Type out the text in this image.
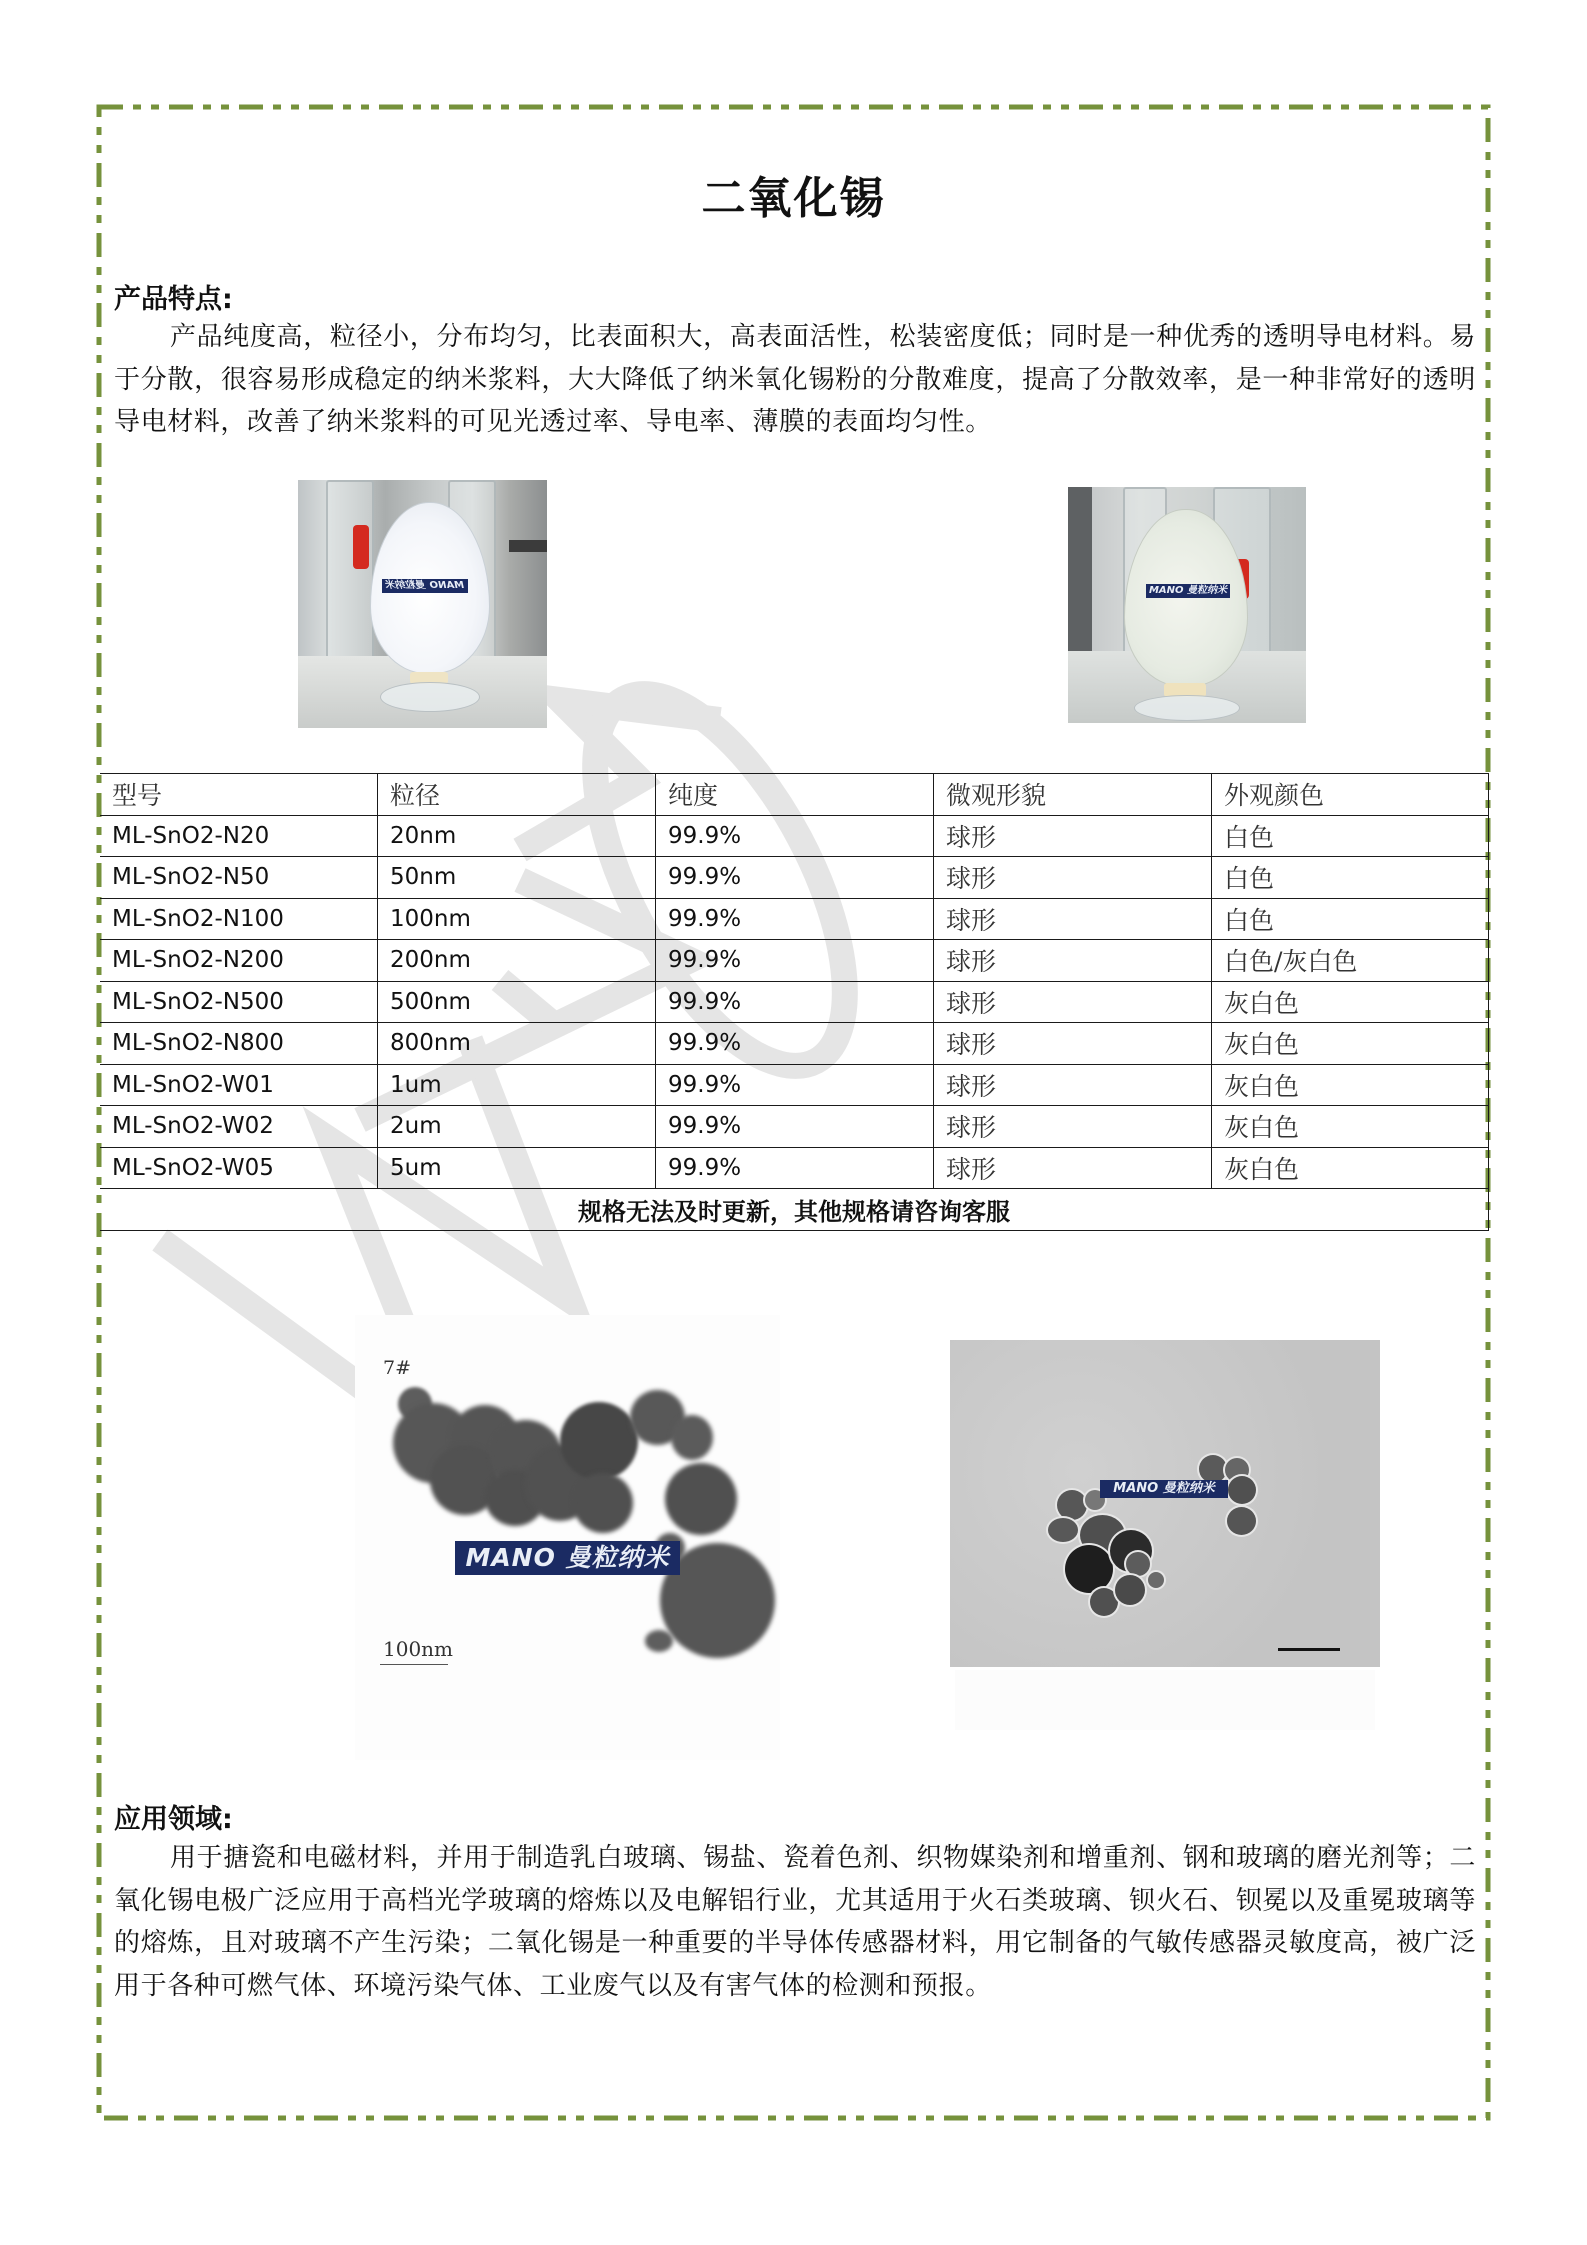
二氧化锡
产品特点:
产品纯度高，粒径小，分布均匀，比表面积大，高表面活性，松装密度低；同时是一种优秀的透明导电材料。易于分散，很容易形成稳定的纳米浆料，大大降低了纳米氧化锡粉的分散难度，提高了分散效率，是一种非常好的透明导电材料，改善了纳米浆料的可见光透过率、导电率、薄膜的表面均匀性。
MANO 曼粒纳米	MANO 曼粒纳米
型号	粒径	纯度	微观形貌	外观颜色
ML-SnO2-N20	20nm	99.9%	球形	白色
ML-SnO2-N50	50nm	99.9%	球形	白色
ML-SnO2-N100	100nm	99.9%	球形	白色
ML-SnO2-N200	200nm	99.9%	球形	白色/灰白色
ML-SnO2-N500	500nm	99.9%	球形	灰白色
ML-SnO2-N800	800nm	99.9%	球形	灰白色
ML-SnO2-W01	1um	99.9%	球形	灰白色
ML-SnO2-W02	2um	99.9%	球形	灰白色
ML-SnO2-W05	5um	99.9%	球形	灰白色
规格无法及时更新，其他规格请咨询客服				
7#
MANO 曼粒纳米
100nm
MANO 曼粒纳米
应用领域:
用于搪瓷和电磁材料，并用于制造乳白玻璃、锡盐、瓷着色剂、织物媒染剂和增重剂、钢和玻璃的磨光剂等；二氧化锡电极广泛应用于高档光学玻璃的熔炼以及电解铝行业，尤其适用于火石类玻璃、钡火石、钡冕以及重冕玻璃等的熔炼，且对玻璃不产生污染；二氧化锡是一种重要的半导体传感器材料，用它制备的气敏传感器灵敏度高，被广泛用于各种可燃气体、环境污染气体、工业废气以及有害气体的检测和预报。
